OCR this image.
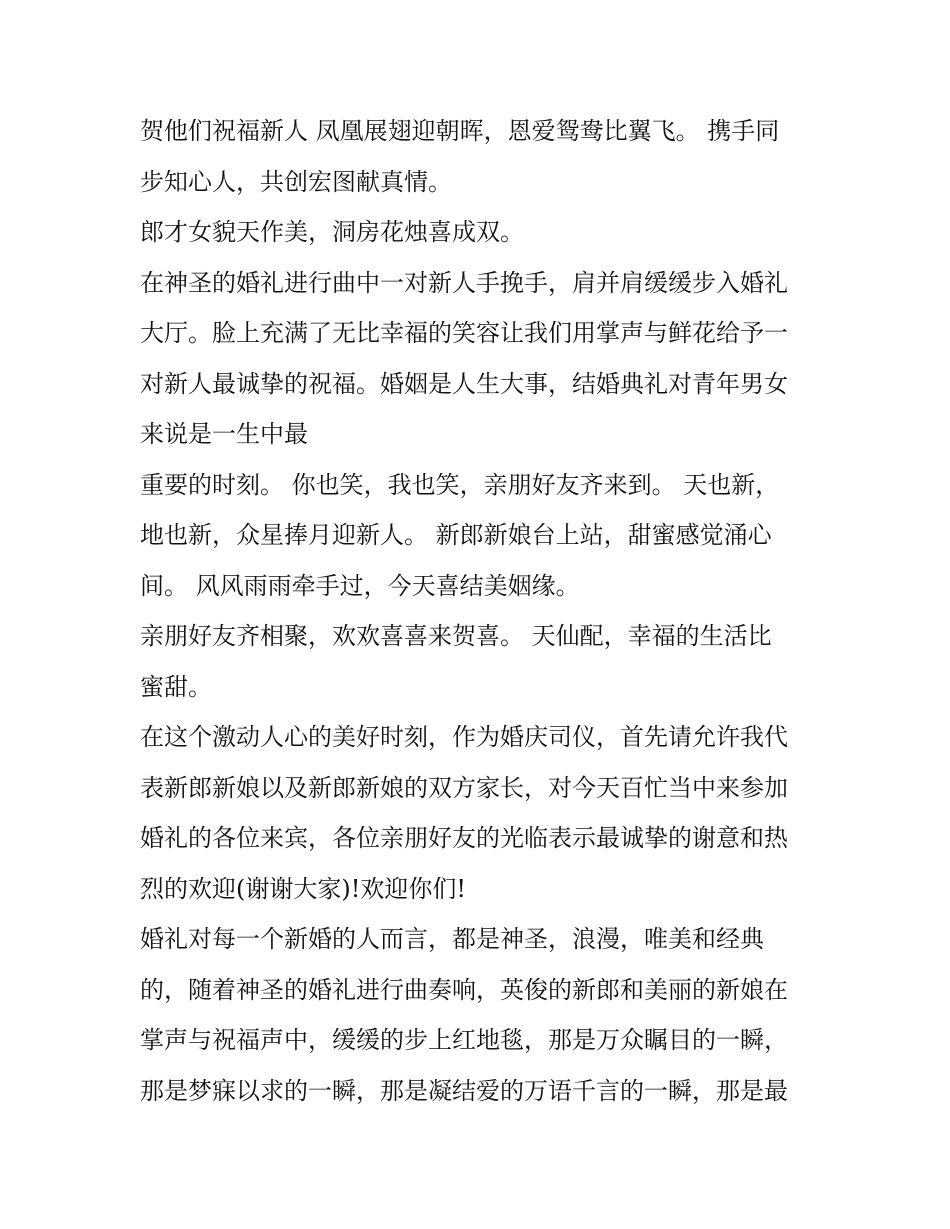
贺他们祝福新人 凤凰展翅迎朝晖，恩爱鸳鸯比翼飞。 携手同
步知心人，共创宏图献真情。
郎才女貌天作美，洞房花烛喜成双。
在神圣的婚礼进行曲中一对新人手挽手，肩并肩缓缓步入婚礼
大厅。脸上充满了无比幸福的笑容让我们用掌声与鲜花给予一
对新人最诚挚的祝福。婚姻是人生大事，结婚典礼对青年男女
来说是一生中最
重要的时刻。 你也笑，我也笑，亲朋好友齐来到。 天也新，
地也新，众星捧月迎新人。 新郎新娘台上站，甜蜜感觉涌心
间。 风风雨雨牵手过，今天喜结美姻缘。
亲朋好友齐相聚，欢欢喜喜来贺喜。 天仙配，幸福的生活比
蜜甜。
在这个激动人心的美好时刻，作为婚庆司仪，首先请允许我代
表新郎新娘以及新郎新娘的双方家长，对今天百忙当中来参加
婚礼的各位来宾，各位亲朋好友的光临表示最诚挚的谢意和热
烈的欢迎(谢谢大家)!欢迎你们!
婚礼对每一个新婚的人而言，都是神圣，浪漫，唯美和经典
的，随着神圣的婚礼进行曲奏响，英俊的新郎和美丽的新娘在
掌声与祝福声中，缓缓的步上红地毯，那是万众瞩目的一瞬，
那是梦寐以求的一瞬，那是凝结爱的万语千言的一瞬，那是最
